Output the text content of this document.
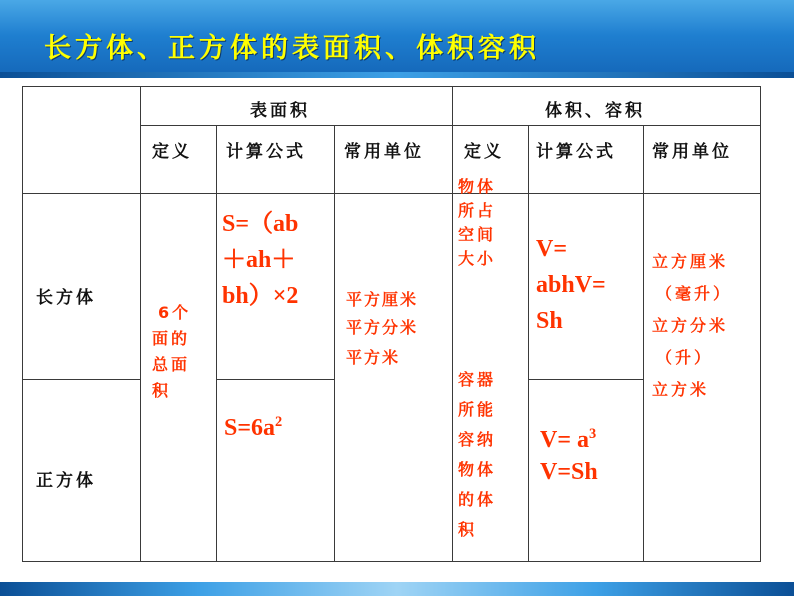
长方体、正方体的表面积、体积容积
表面积	体积、容积
定义 计算公式 常用单位 定义 计算公式 常用单位
长方体
正方体
6个
面的
总面
积
S=（ab
＋ah＋
bh）×2
$S=6a^2$
平方厘米
平方分米
平方米
物体
所占
空间
大小
容器
所能
容纳
物体
的体
积
V=
abhV=
Sh
$V= a^3$
V=Sh
立方厘米
（毫升）
立方分米
（升）
立方米
